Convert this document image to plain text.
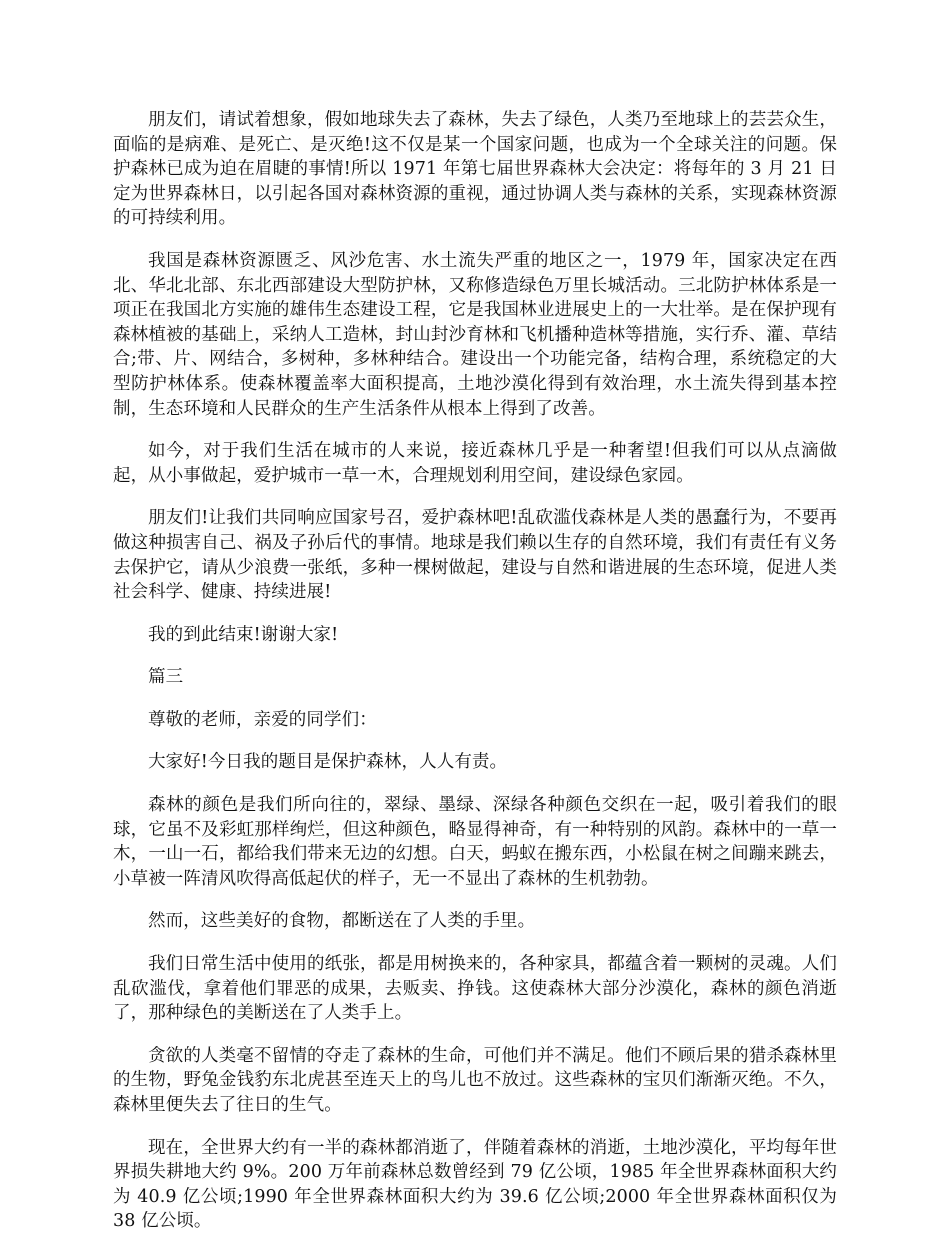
朋友们，请试着想象，假如地球失去了森林，失去了绿色，人类乃至地球上的芸芸众生，面临的是病难、是死亡、是灭绝!这不仅是某一个国家问题，也成为一个全球关注的问题。保护森林已成为迫在眉睫的事情!所以 1971 年第七届世界森林大会决定：将每年的 3 月 21 日定为世界森林日，以引起各国对森林资源的重视，通过协调人类与森林的关系，实现森林资源的可持续利用。

我国是森林资源匮乏、风沙危害、水土流失严重的地区之一，1979 年，国家决定在西北、华北北部、东北西部建设大型防护林，又称修造绿色万里长城活动。三北防护林体系是一项正在我国北方实施的雄伟生态建设工程，它是我国林业进展史上的一大壮举。是在保护现有森林植被的基础上，采纳人工造林，封山封沙育林和飞机播种造林等措施，实行乔、灌、草结合;带、片、网结合，多树种，多林种结合。建设出一个功能完备，结构合理，系统稳定的大型防护林体系。使森林覆盖率大面积提高，土地沙漠化得到有效治理，水土流失得到基本控制，生态环境和人民群众的生产生活条件从根本上得到了改善。

如今，对于我们生活在城市的人来说，接近森林几乎是一种奢望!但我们可以从点滴做起，从小事做起，爱护城市一草一木，合理规划利用空间，建设绿色家园。

朋友们!让我们共同响应国家号召，爱护森林吧!乱砍滥伐森林是人类的愚蠢行为，不要再做这种损害自己、祸及子孙后代的事情。地球是我们赖以生存的自然环境，我们有责任有义务去保护它，请从少浪费一张纸，多种一棵树做起，建设与自然和谐进展的生态环境，促进人类社会科学、健康、持续进展!

我的到此结束!谢谢大家!

篇三

尊敬的老师，亲爱的同学们：

大家好!今日我的题目是保护森林，人人有责。

森林的颜色是我们所向往的，翠绿、墨绿、深绿各种颜色交织在一起，吸引着我们的眼球，它虽不及彩虹那样绚烂，但这种颜色，略显得神奇，有一种特别的风韵。森林中的一草一木，一山一石，都给我们带来无边的幻想。白天，蚂蚁在搬东西，小松鼠在树之间蹦来跳去，小草被一阵清风吹得高低起伏的样子，无一不显出了森林的生机勃勃。

然而，这些美好的食物，都断送在了人类的手里。

我们日常生活中使用的纸张，都是用树换来的，各种家具，都蕴含着一颗树的灵魂。人们乱砍滥伐，拿着他们罪恶的成果，去贩卖、挣钱。这使森林大部分沙漠化，森林的颜色消逝了，那种绿色的美断送在了人类手上。

贪欲的人类毫不留情的夺走了森林的生命，可他们并不满足。他们不顾后果的猎杀森林里的生物，野兔金钱豹东北虎甚至连天上的鸟儿也不放过。这些森林的宝贝们渐渐灭绝。不久，森林里便失去了往日的生气。

现在，全世界大约有一半的森林都消逝了，伴随着森林的消逝，土地沙漠化，平均每年世界损失耕地大约 9%。200 万年前森林总数曾经到 79 亿公顷，1985 年全世界森林面积大约为 40.9 亿公顷;1990 年全世界森林面积大约为 39.6 亿公顷;2000 年全世界森林面积仅为 38 亿公顷。
